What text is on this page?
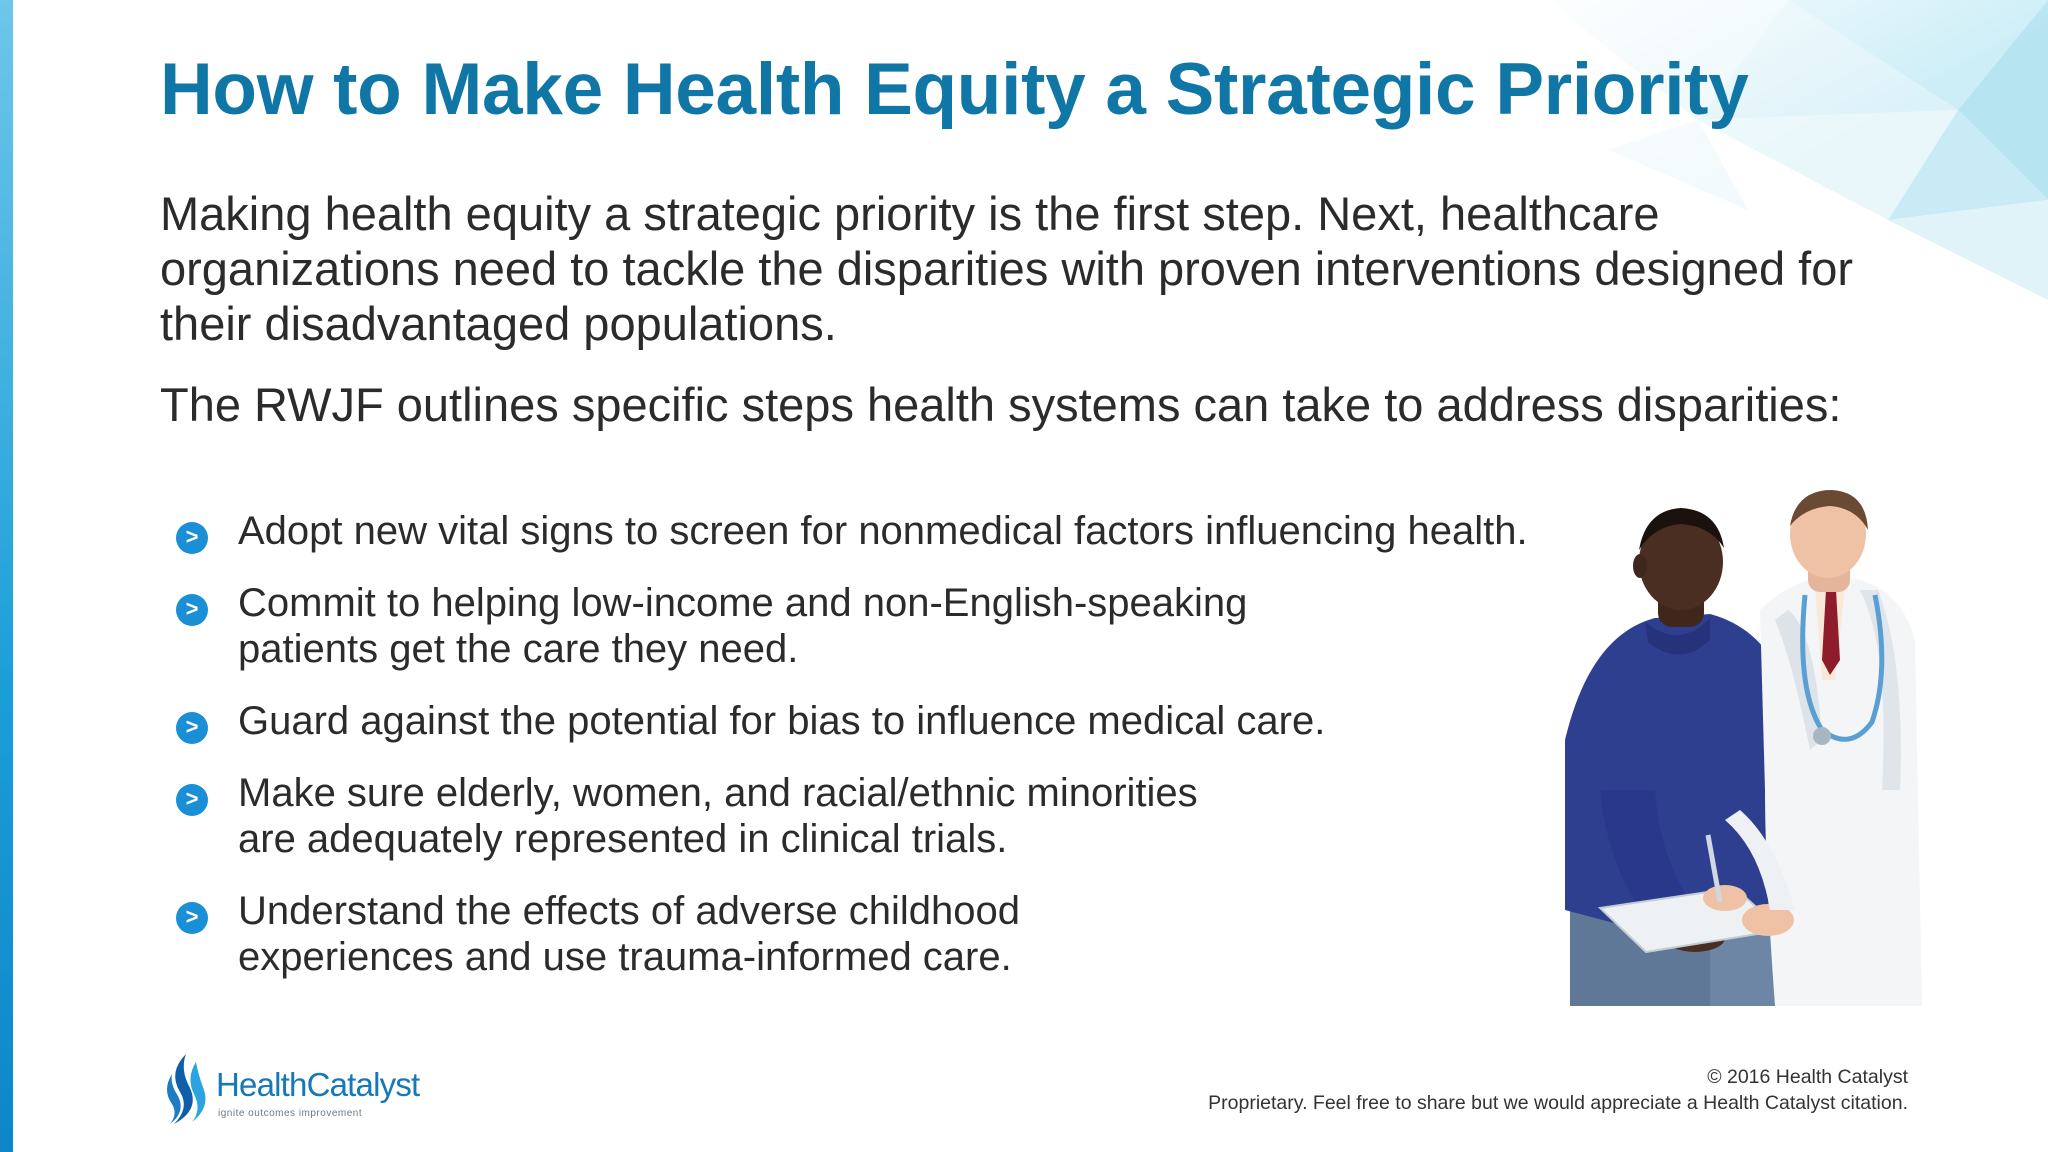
How to Make Health Equity a Strategic Priority

Making health equity a strategic priority is the first step. Next, healthcare organizations need to tackle the disparities with proven interventions designed for their disadvantaged populations.

The RWJF outlines specific steps health systems can take to address disparities:

> Adopt new vital signs to screen for nonmedical factors influencing health.
> Commit to helping low-income and non-English-speaking patients get the care they need.
> Guard against the potential for bias to influence medical care.
> Make sure elderly, women, and racial/ethnic minorities are adequately represented in clinical trials.
> Understand the effects of adverse childhood experiences and use trauma-informed care.
HealthCatalyst
ignite outcomes improvement
© 2016 Health Catalyst
Proprietary. Feel free to share but we would appreciate a Health Catalyst citation.
